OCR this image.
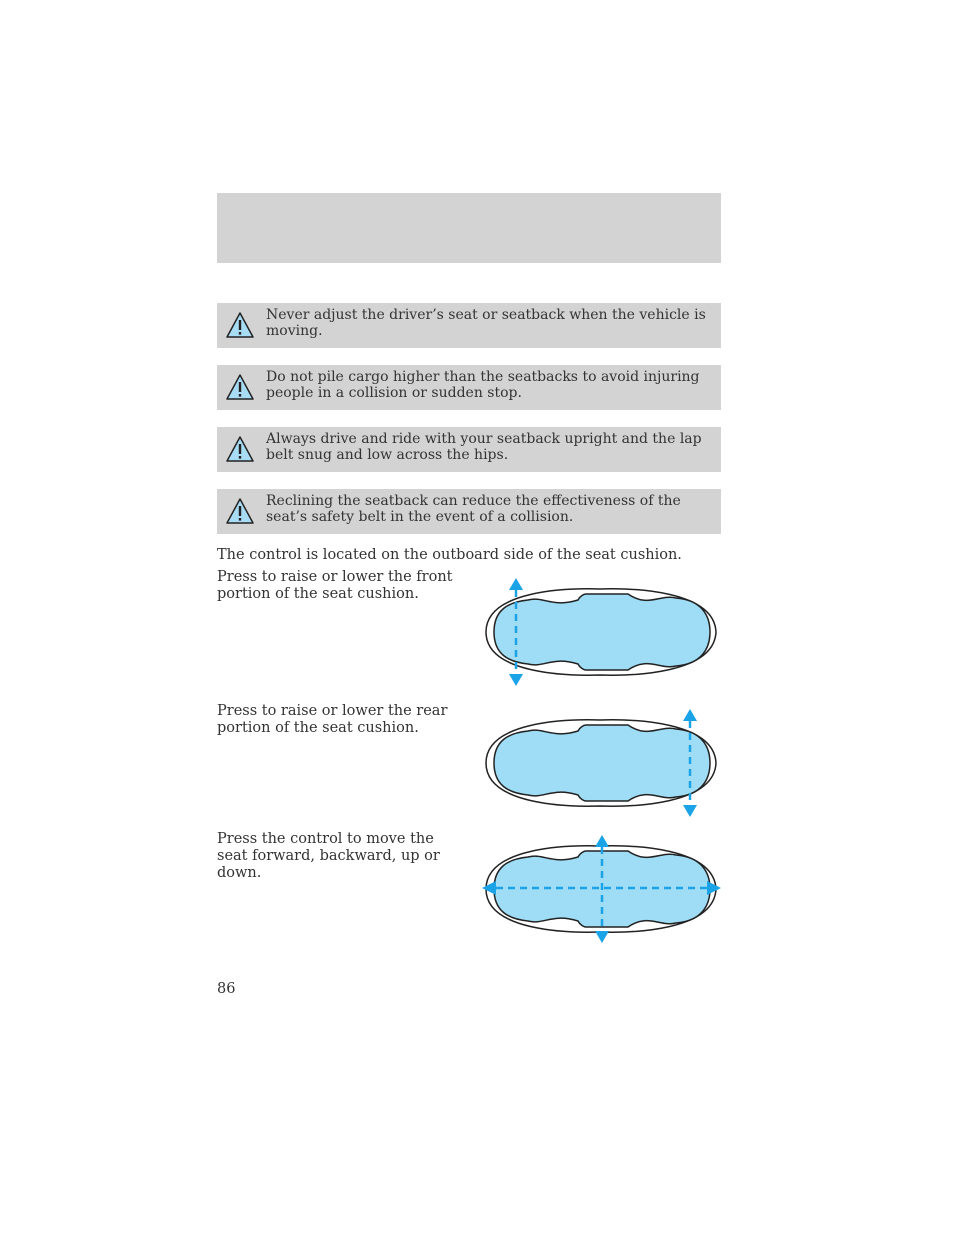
Never adjust the driver’s seat or seatback when the vehicle is moving.
Do not pile cargo higher than the seatbacks to avoid injuring people in a collision or sudden stop.
Always drive and ride with your seatback upright and the lap belt snug and low across the hips.
Reclining the seatback can reduce the effectiveness of the seat’s safety belt in the event of a collision.
The control is located on the outboard side of the seat cushion.
Press to raise or lower the front portion of the seat cushion.
Press to raise or lower the rear portion of the seat cushion.
Press the control to move the seat forward, backward, up or down.
86
